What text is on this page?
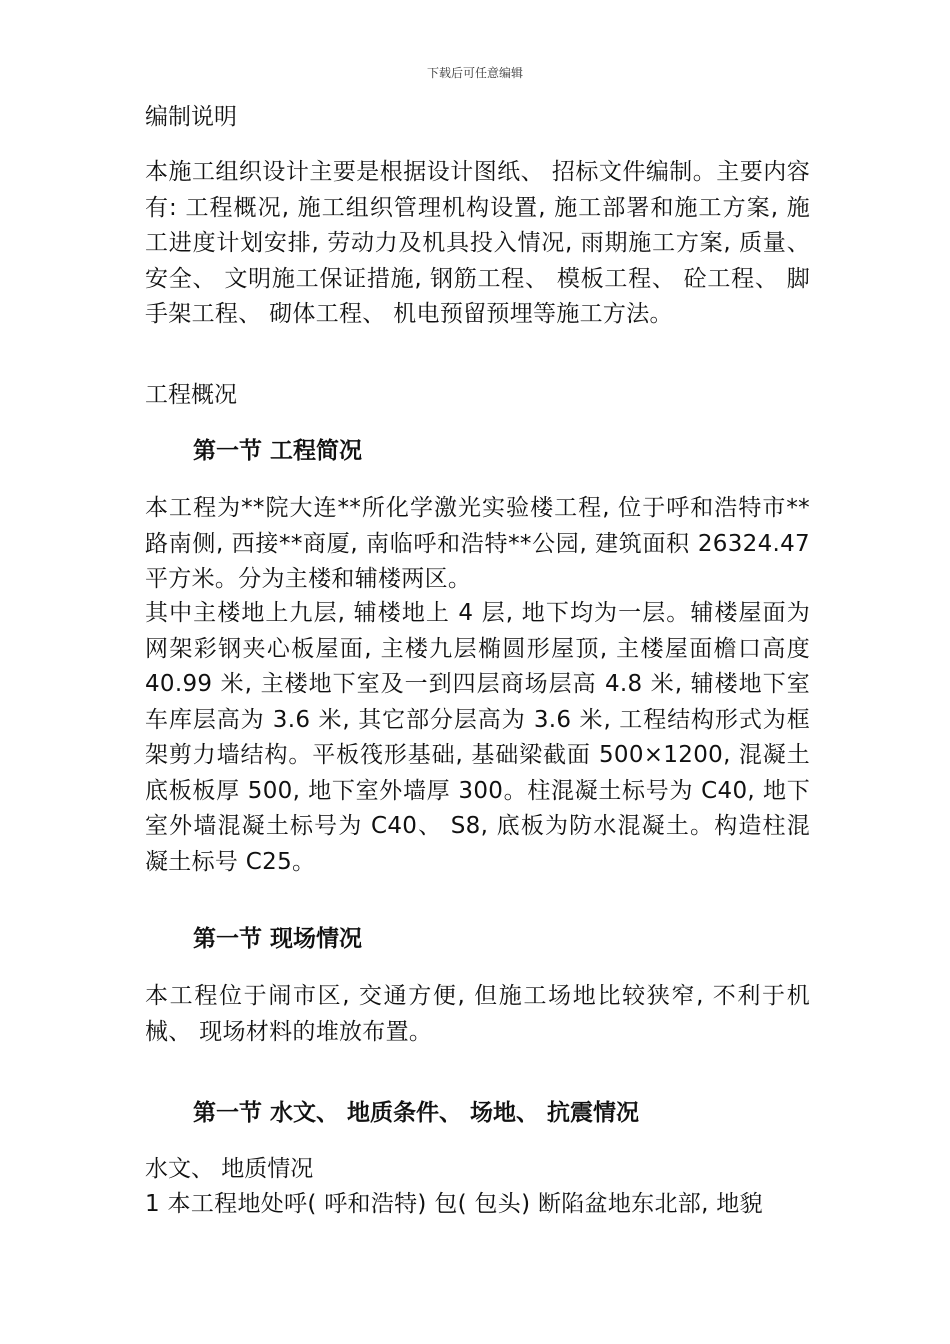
下载后可任意编辑
编制说明
本施工组织设计主要是根据设计图纸、 招标文件编制。主要内容有: 工程概况, 施工组织管理机构设置, 施工部署和施工方案, 施工进度计划安排, 劳动力及机具投入情况, 雨期施工方案, 质量、 安全、 文明施工保证措施, 钢筋工程、 模板工程、 砼工程、 脚手架工程、 砌体工程、 机电预留预埋等施工方法。
工程概况
第一节 工程简况
本工程为**院大连**所化学激光实验楼工程, 位于呼和浩特市**路南侧, 西接**商厦, 南临呼和浩特**公园, 建筑面积 26324.47 平方米。分为主楼和辅楼两区。
其中主楼地上九层, 辅楼地上 4 层, 地下均为一层。辅楼屋面为网架彩钢夹心板屋面, 主楼九层椭圆形屋顶, 主楼屋面檐口高度 40.99 米, 主楼地下室及一到四层商场层高 4.8 米, 辅楼地下室车库层高为 3.6 米, 其它部分层高为 3.6 米, 工程结构形式为框架剪力墙结构。平板筏形基础, 基础梁截面 500×1200, 混凝土底板板厚 500, 地下室外墙厚 300。柱混凝土标号为 C40, 地下室外墙混凝土标号为 C40、 S8, 底板为防水混凝土。构造柱混凝土标号 C25。
第一节 现场情况
本工程位于闹市区, 交通方便, 但施工场地比较狭窄, 不利于机械、 现场材料的堆放布置。
第一节 水文、 地质条件、 场地、 抗震情况
水文、 地质情况
1 本工程地处呼( 呼和浩特) 包( 包头) 断陷盆地东北部, 地貌
